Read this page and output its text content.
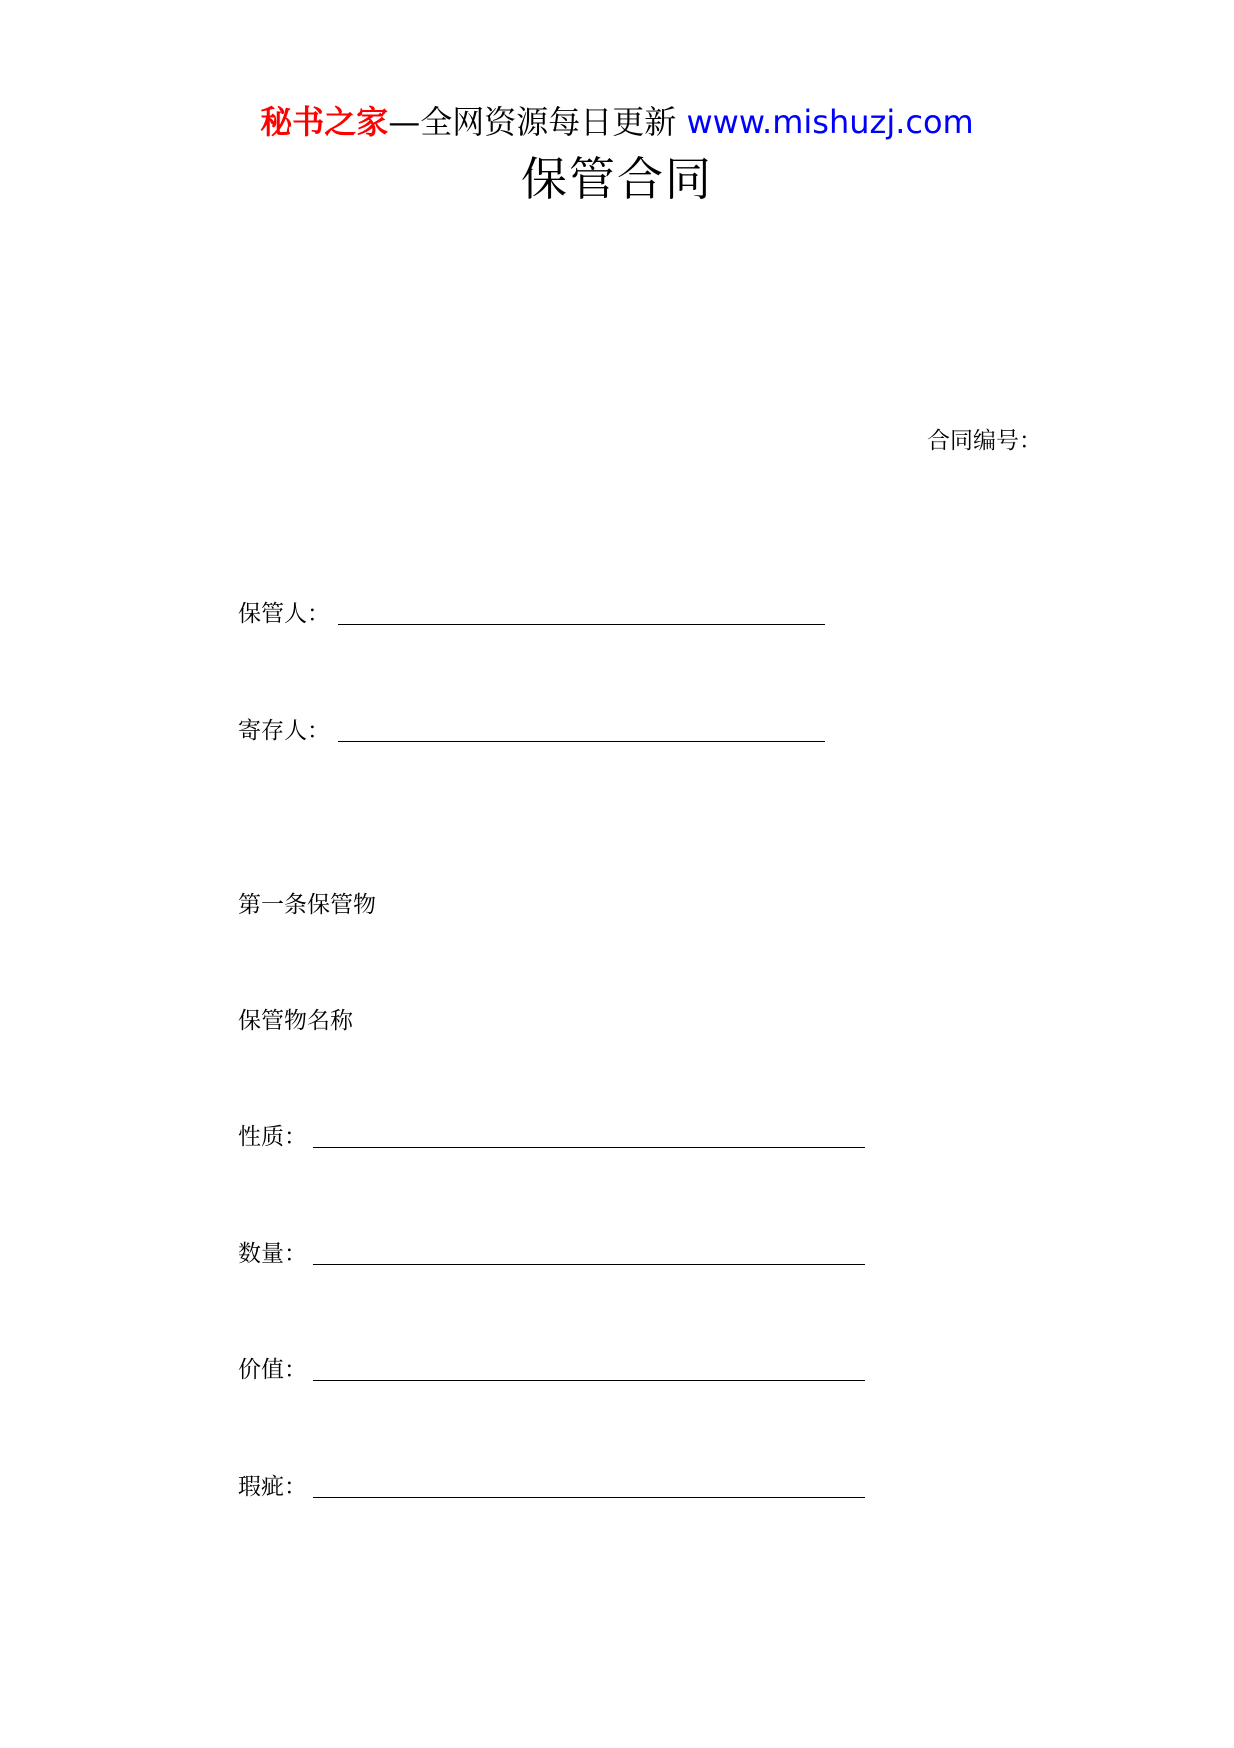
秘书之家—全网资源每日更新 www.mishuzj.com
保管合同
合同编号：
保管人：
寄存人：
第一条保管物
保管物名称
性质：
数量：
价值：
瑕疵：
